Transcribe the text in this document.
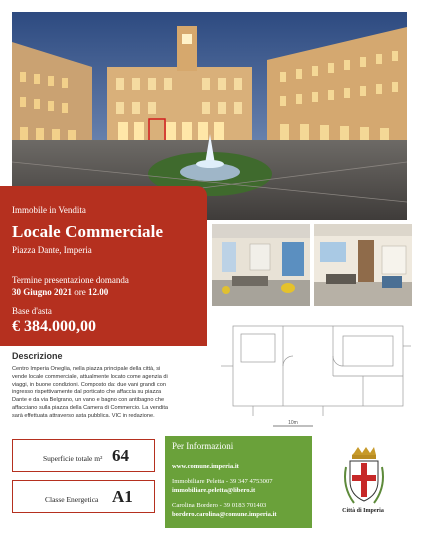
Immobile in Vendita
Locale Commerciale
Piazza Dante, Imperia
Termine presentazione domanda
30 Giugno 2021 ore 12.00
Base d'asta
€ 384.000,00
10m
Descrizione
Centro Imperia Oneglia, nella piazza principale della città, si
vende locale commerciale, attualmente locato come agenzia di
viaggi, in buone condizioni. Composto da: due vani grandi con
ingresso rispettivamente dal porticato che affaccia su piazza
Dante e da via Belgrano, un vano e bagno con antibagno che
affacciano sulla piazza della Camera di Commercio. La vendita
sarà effettuata attraverso asta pubblica. VIC in redazione.
Superficie totale m² 64
Classe Energetica A1
Per Informazioni
www.comune.imperia.it
Immobiliare Peletta - 39 347 4753007
immobiliare.peletta@libero.it
Carolina Bordero - 39 0183 701403
bordero.carolina@comune.imperia.it	Città di Imperia
